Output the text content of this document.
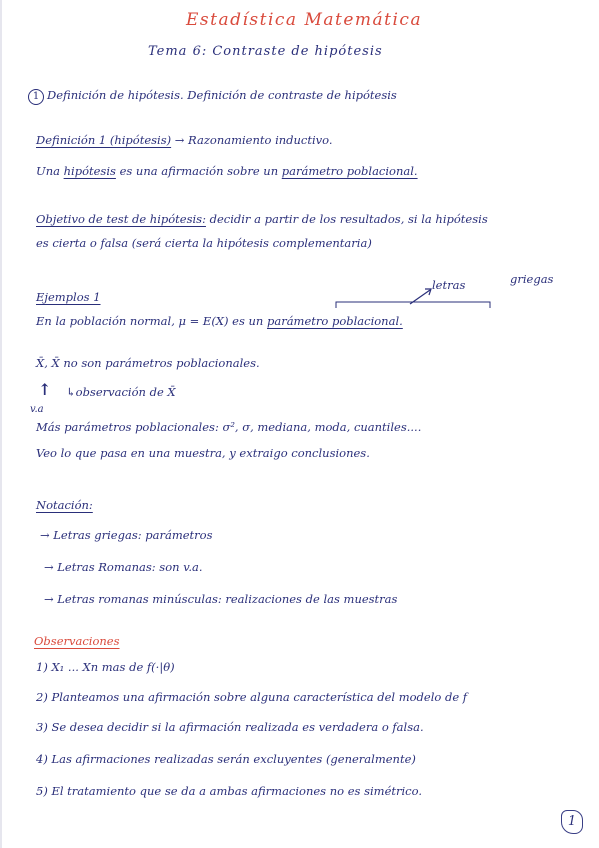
Estadística Matemática
Tema 6: Contraste de hipótesis
1 Definición de hipótesis. Definición de contraste de hipótesis
Definición 1 (hipótesis) → Razonamiento inductivo.
Una hipótesis es una afirmación sobre un parámetro poblacional.
Objetivo de test de hipótesis: decidir a partir de los resultados, si la hipótesis
es cierta o falsa (será cierta la hipótesis complementaria)
Ejemplos 1
letras	griegas
En la población normal, μ = E(X) es un parámetro poblacional.
X̄, X̄ no son parámetros poblacionales.
↑ ↳observación de X̄
v.a
Más parámetros poblacionales: σ², σ, mediana, moda, cuantiles....
Veo lo que pasa en una muestra, y extraigo conclusiones.
Notación:
→ Letras griegas: parámetros
→ Letras Romanas: son v.a.
→ Letras romanas minúsculas: realizaciones de las muestras
Observaciones
1) X₁ ... Xn mas de f(·|θ)
2) Planteamos una afirmación sobre alguna característica del modelo de f
3) Se desea decidir si la afirmación realizada es verdadera o falsa.
4) Las afirmaciones realizadas serán excluyentes (generalmente)
5) El tratamiento que se da a ambas afirmaciones no es simétrico.
1
